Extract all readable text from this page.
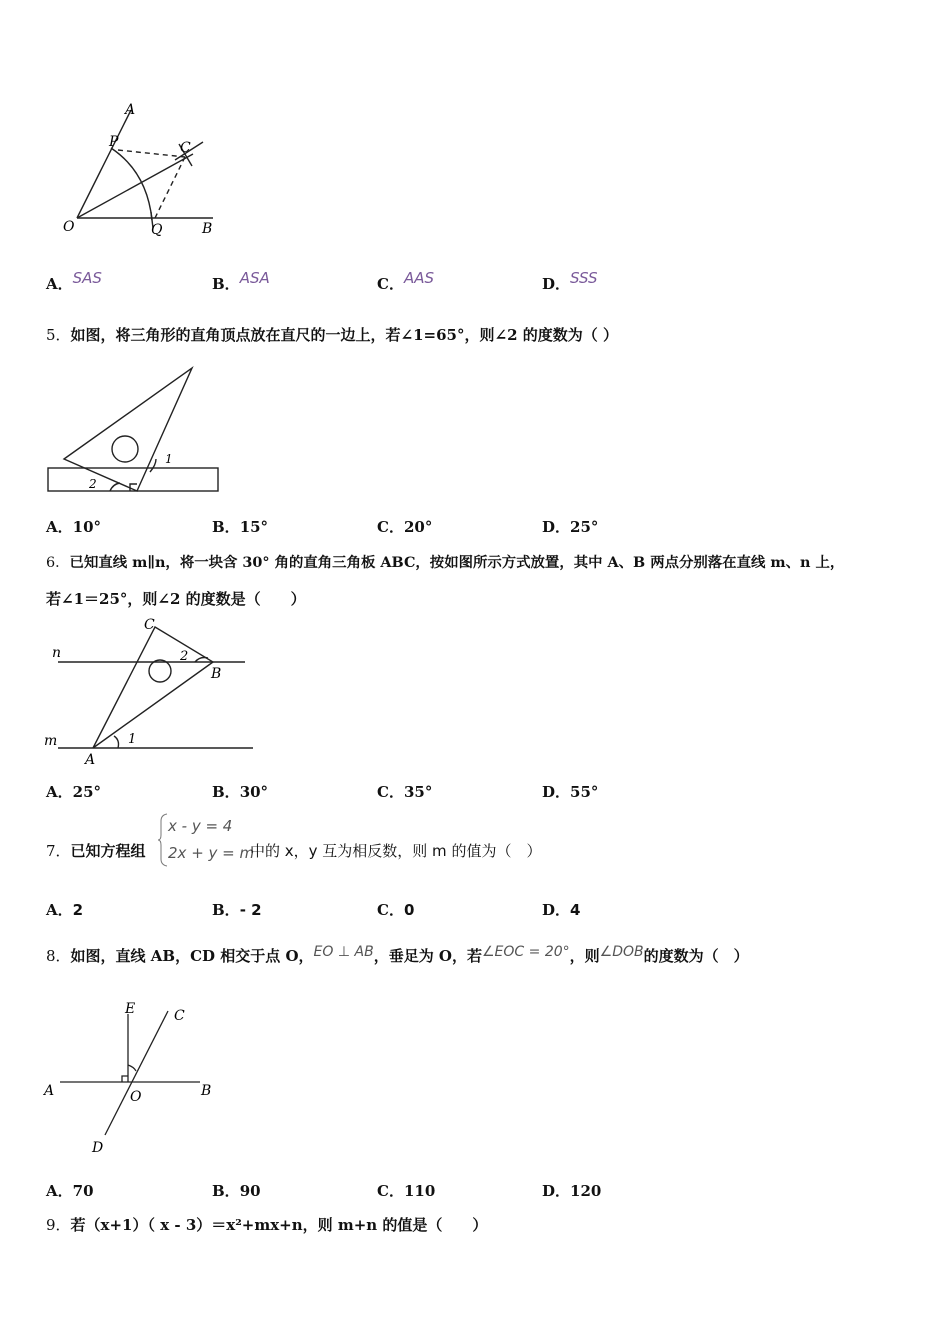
A
P	C
O	Q	B
A．SAS	B．ASA	C．AAS	D．SSS
5．如图，将三角形的直角顶点放在直尺的一边上，若∠1=65°，则∠2 的度数为（ ）
1
2
A．10°	B．15°	C．20°	D．25°
6．已知直线 m∥n，将一块含 30° 角的直角三角板 ABC，按如图所示方式放置，其中 A、B 两点分别落在直线 m、n 上，
若∠1＝25°，则∠2 的度数是（　　）
C
n	2
B
m	1
A
A．25°	B．30°	C．35°	D．55°
7．已知方程组
x - y = 4
2x + y = m
中的 x，y 互为相反数，则 m 的值为（　）
A．2	B．- 2	C．0	D．4
8．如图，直线 AB，CD 相交于点 O，EO ⊥ AB，垂足为 O，若∠EOC = 20°，则∠DOB的度数为（　）
E	C
A	O	B
D
A．70	B．90	C．110	D．120
9．若（x+1）（ x - 3）＝x²+mx+n，则 m+n 的值是（　　）
